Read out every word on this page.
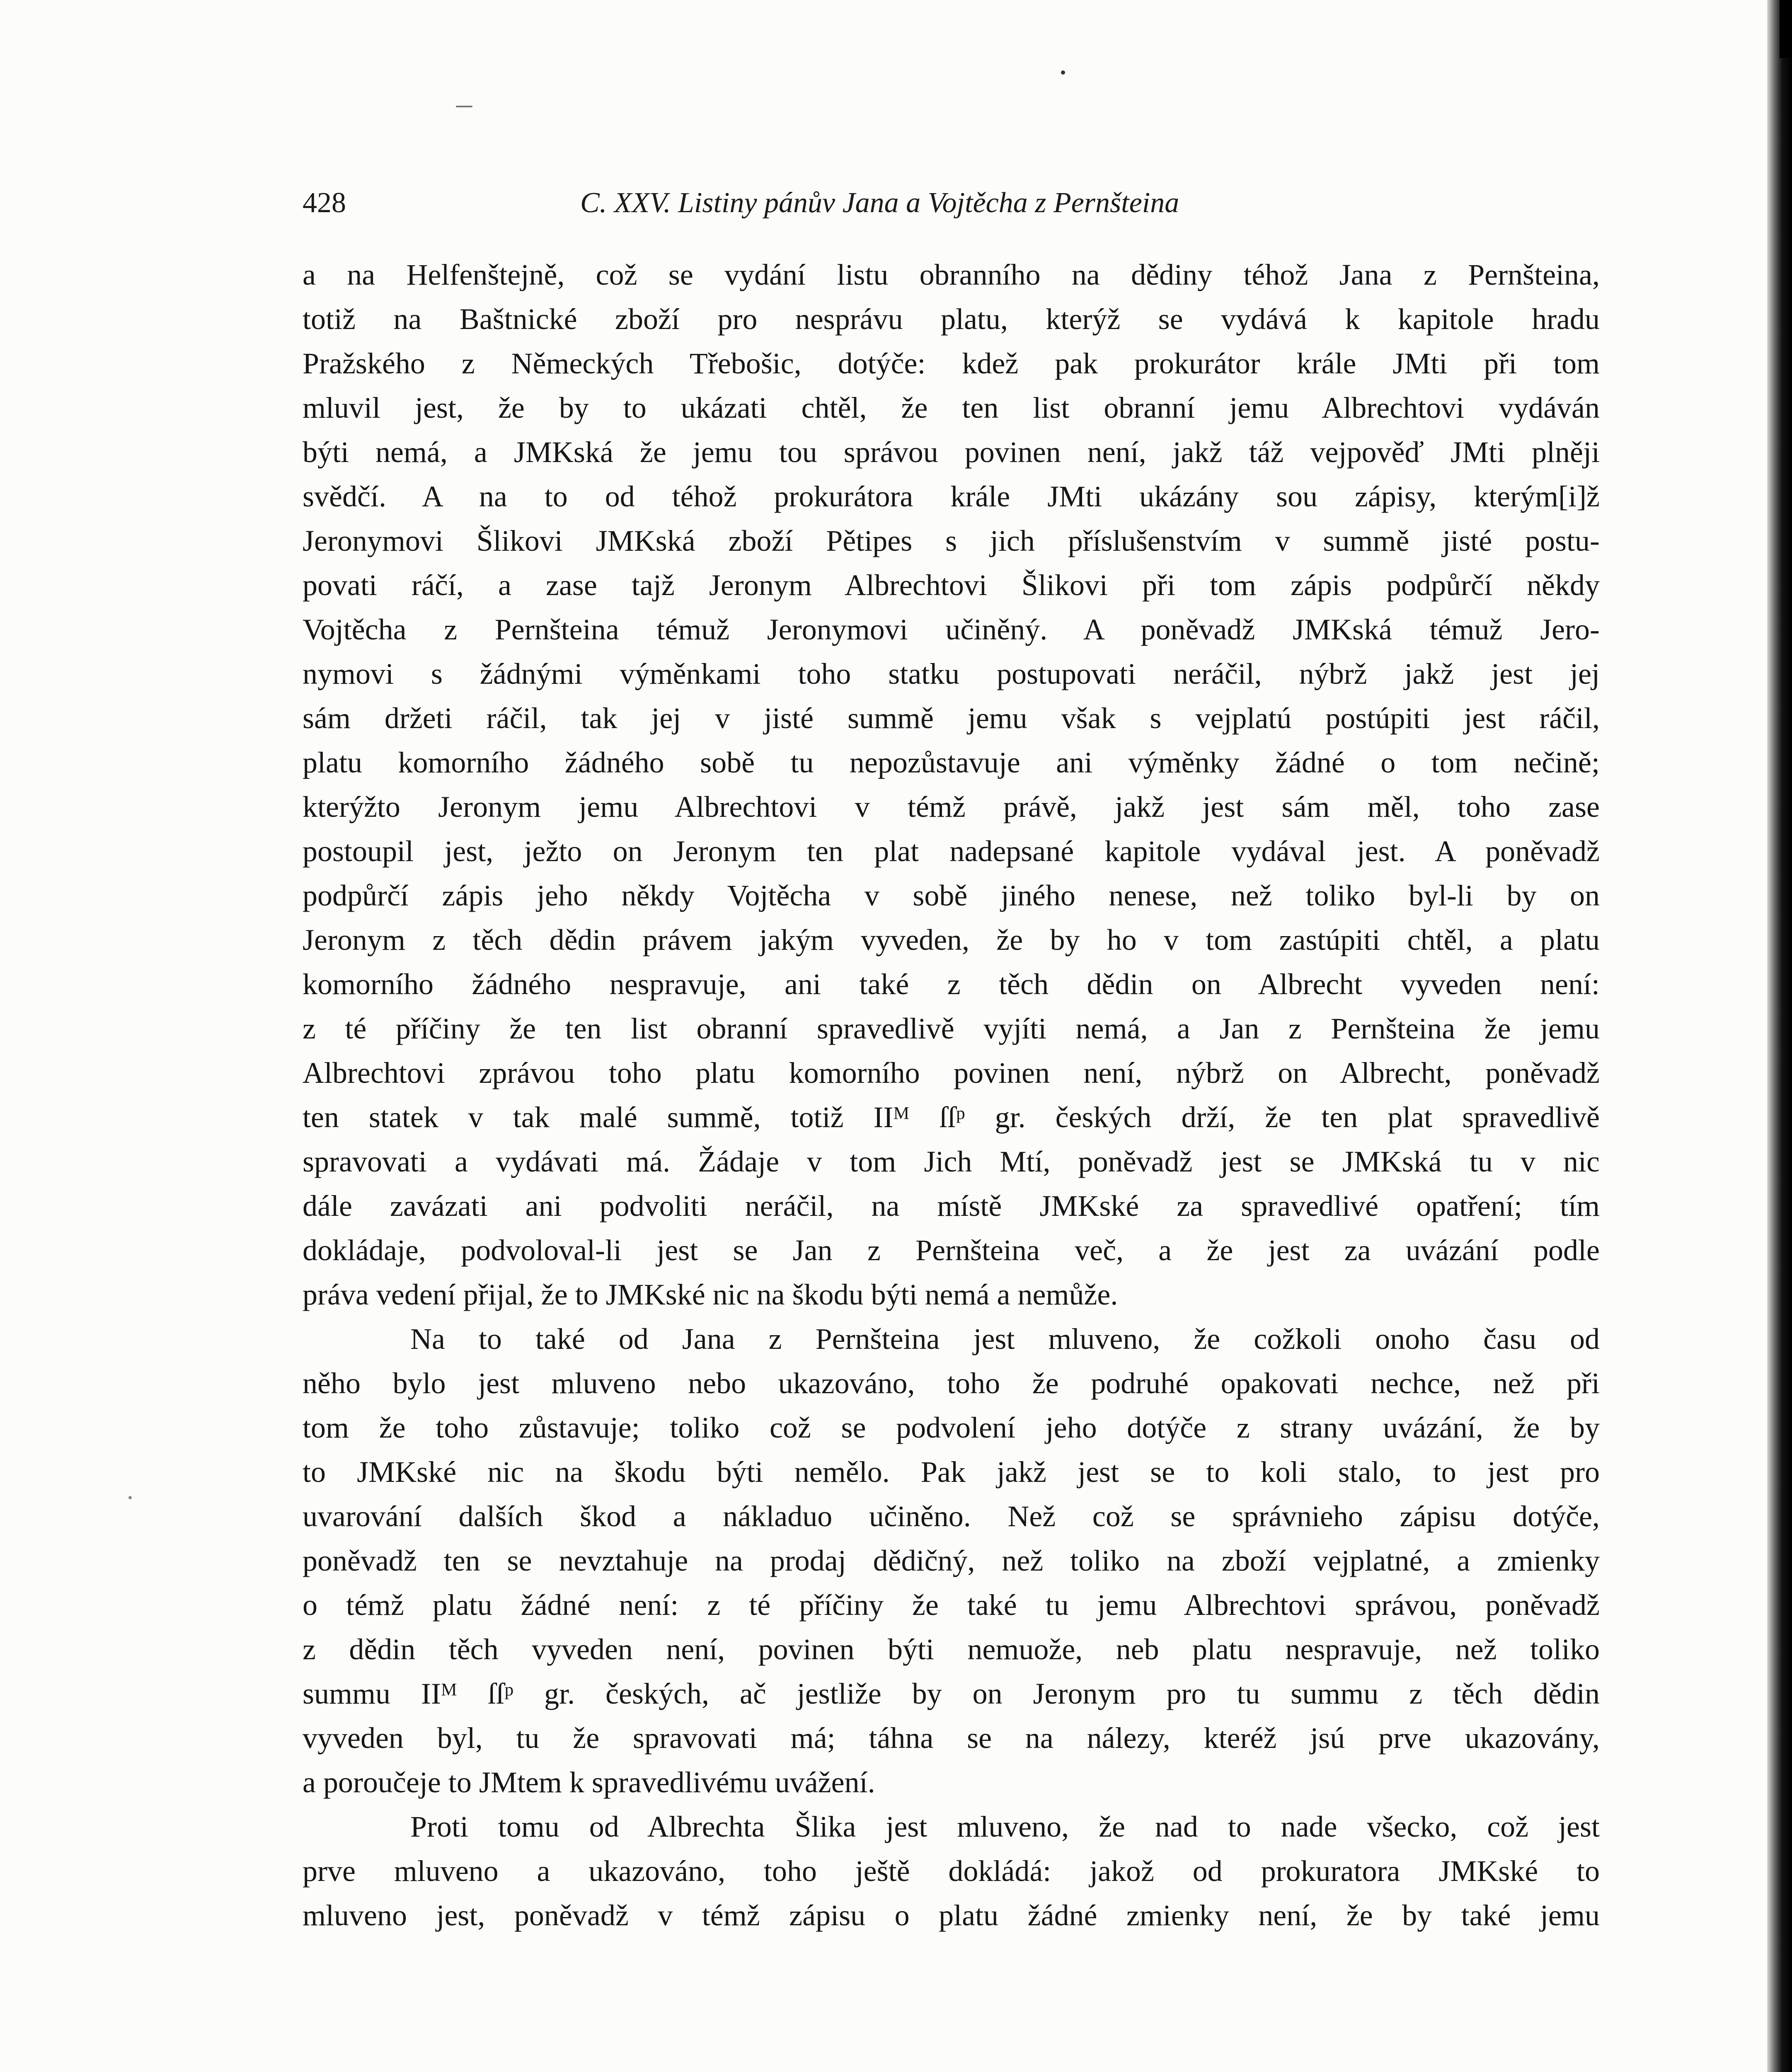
428	C. XXV. Listiny pánův Jana a Vojtěcha z Pernšteina
a na Helfenštejně, což se vydání listu obranního na dědiny téhož Jana z Pernšteina,
totiž na Baštnické zboží pro nesprávu platu, kterýž se vydává k kapitole hradu
Pražského z Německých Třebošic, dotýče: kdež pak prokurátor krále JMti při tom
mluvil jest, že by to ukázati chtěl, že ten list obranní jemu Albrechtovi vydáván
býti nemá, a JMKská že jemu tou správou povinen není, jakž táž vejpověď JMti plněji
svědčí. A na to od téhož prokurátora krále JMti ukázány sou zápisy, kterým[i]ž
Jeronymovi Šlikovi JMKská zboží Pětipes s jich příslušenstvím v summě jisté postu-
povati ráčí, a zase tajž Jeronym Albrechtovi Šlikovi při tom zápis podpůrčí někdy
Vojtěcha z Pernšteina témuž Jeronymovi učiněný. A poněvadž JMKská témuž Jero-
nymovi s žádnými výměnkami toho statku postupovati neráčil, nýbrž jakž jest jej
sám držeti ráčil, tak jej v jisté summě jemu však s vejplatú postúpiti jest ráčil,
platu komorního žádného sobě tu nepozůstavuje ani výměnky žádné o tom nečině;
kterýžto Jeronym jemu Albrechtovi v témž právě, jakž jest sám měl, toho zase
postoupil jest, ježto on Jeronym ten plat nadepsané kapitole vydával jest. A poněvadž
podpůrčí zápis jeho někdy Vojtěcha v sobě jiného nenese, než toliko byl-li by on
Jeronym z těch dědin právem jakým vyveden, že by ho v tom zastúpiti chtěl, a platu
komorního žádného nespravuje, ani také z těch dědin on Albrecht vyveden není:
z té příčiny že ten list obranní spravedlivě vyjíti nemá, a Jan z Pernšteina že jemu
Albrechtovi zprávou toho platu komorního povinen není, nýbrž on Albrecht, poněvadž
ten statek v tak malé summě, totiž IIᴹ ſſᵖ gr. českých drží, že ten plat spravedlivě
spravovati a vydávati má. Žádaje v tom Jich Mtí, poněvadž jest se JMKská tu v nic
dále zavázati ani podvoliti neráčil, na místě JMKské za spravedlivé opatření; tím
dokládaje, podvoloval-li jest se Jan z Pernšteina več, a že jest za uvázání podle
práva vedení přijal, že to JMKské nic na škodu býti nemá a nemůže.
Na to také od Jana z Pernšteina jest mluveno, že cožkoli onoho času od
něho bylo jest mluveno nebo ukazováno, toho že podruhé opakovati nechce, než při
tom že toho zůstavuje; toliko což se podvolení jeho dotýče z strany uvázání, že by
to JMKské nic na škodu býti nemělo. Pak jakž jest se to koli stalo, to jest pro
uvarování dalších škod a nákladuo učiněno. Než což se správnieho zápisu dotýče,
poněvadž ten se nevztahuje na prodaj dědičný, než toliko na zboží vejplatné, a zmienky
o témž platu žádné není: z té příčiny že také tu jemu Albrechtovi správou, poněvadž
z dědin těch vyveden není, povinen býti nemuože, neb platu nespravuje, než toliko
summu IIᴹ ſſᵖ gr. českých, ač jestliže by on Jeronym pro tu summu z těch dědin
vyveden byl, tu že spravovati má; táhna se na nálezy, kteréž jsú prve ukazovány,
a poroučeje to JMtem k spravedlivému uvážení.
Proti tomu od Albrechta Šlika jest mluveno, že nad to nade všecko, což jest
prve mluveno a ukazováno, toho ještě dokládá: jakož od prokuratora JMKské to
mluveno jest, poněvadž v témž zápisu o platu žádné zmienky není, že by také jemu
